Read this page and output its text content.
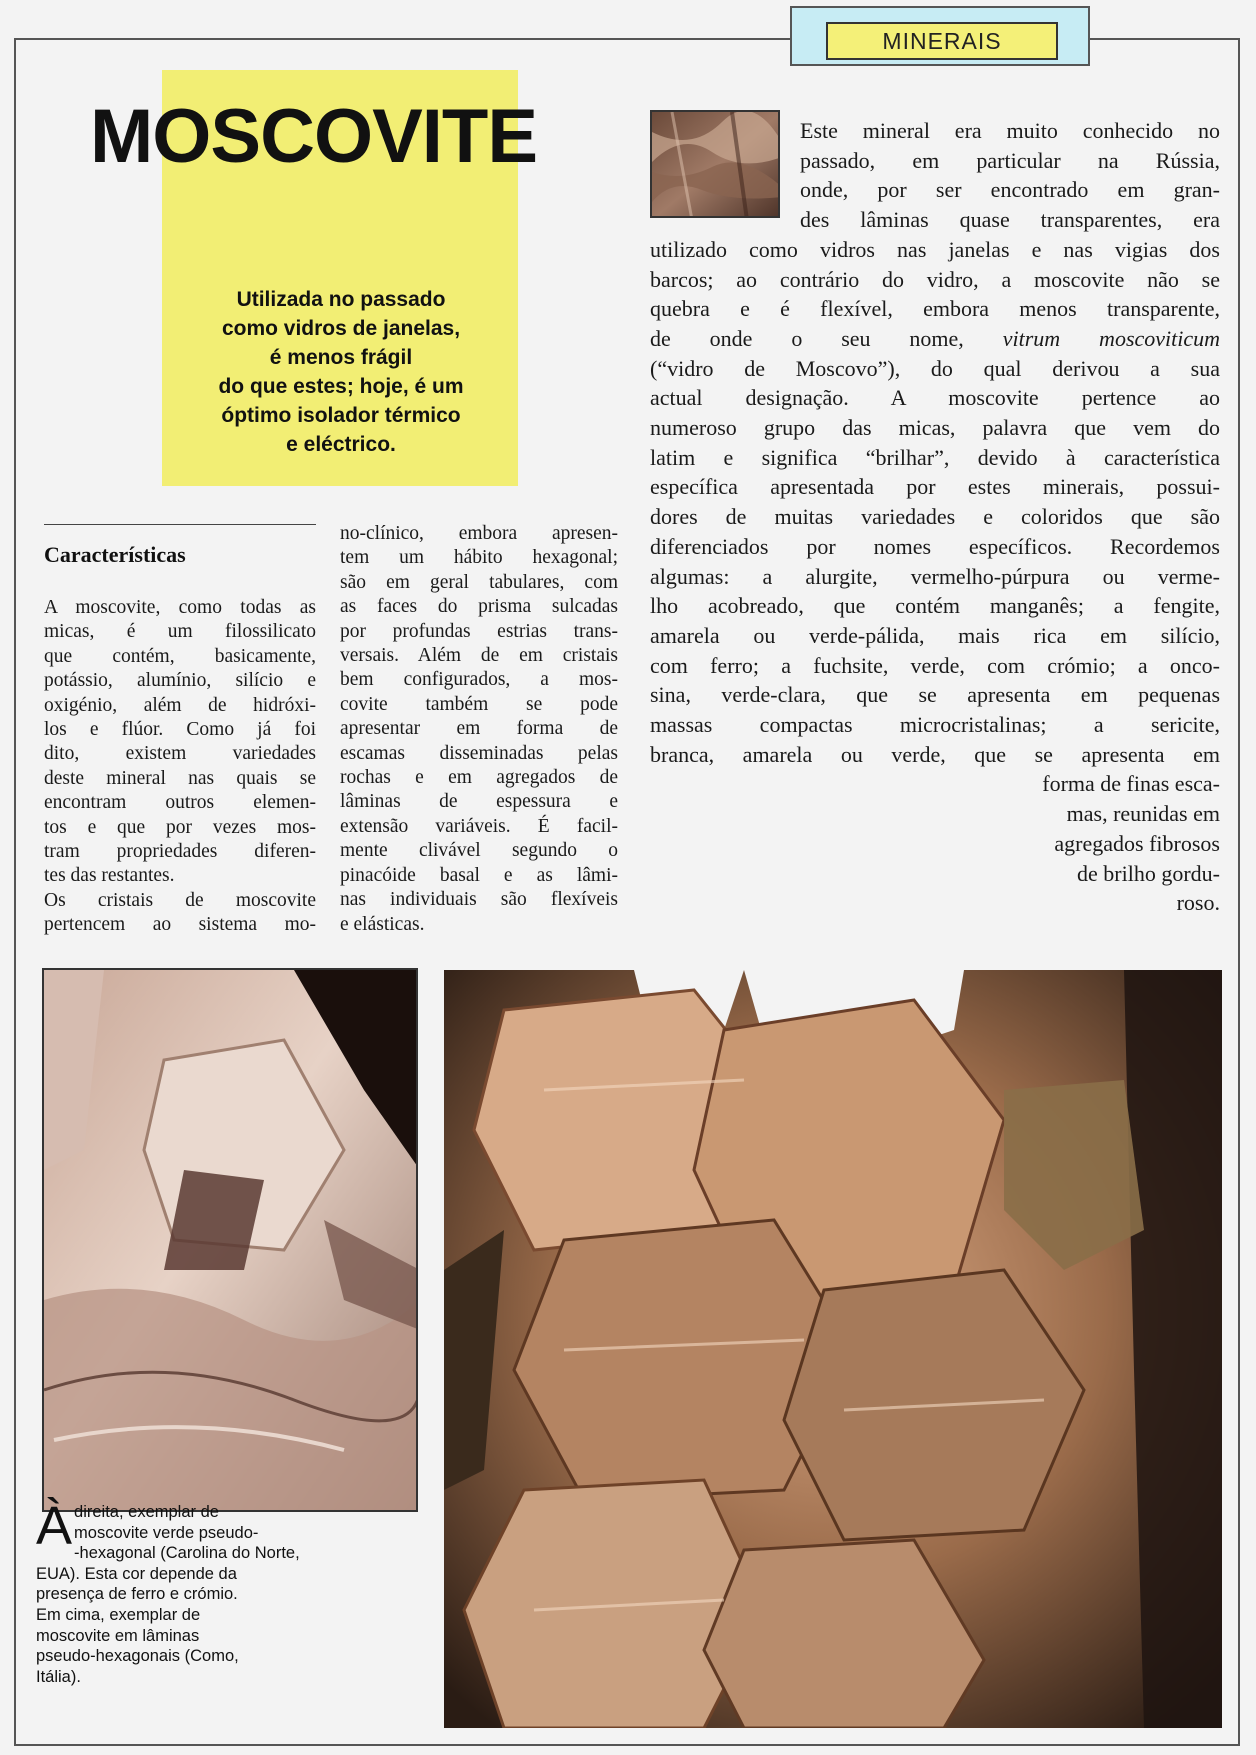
MINERAIS
MOSCOVITE
Utilizada no passado
como vidros de janelas,
é menos frágil
do que estes; hoje, é um
óptimo isolador térmico
e eléctrico.
Características
A moscovite, como todas as
micas, é um filossilicato
que contém, basicamente,
potássio, alumínio, silício e
oxigénio, além de hidróxi-
los e flúor. Como já foi
dito, existem variedades
deste mineral nas quais se
encontram outros elemen-
tos e que por vezes mos-
tram propriedades diferen-
tes das restantes.
Os cristais de moscovite
pertencem ao sistema mo-
no-clínico, embora apresen-
tem um hábito hexagonal;
são em geral tabulares, com
as faces do prisma sulcadas
por profundas estrias trans-
versais. Além de em cristais
bem configurados, a mos-
covite também se pode
apresentar em forma de
escamas disseminadas pelas
rochas e em agregados de
lâminas de espessura e
extensão variáveis. É facil-
mente clivável segundo o
pinacóide basal e as lâmi-
nas individuais são flexíveis
e elásticas.
Este mineral era muito conhecido no
passado, em particular na Rússia,
onde, por ser encontrado em gran-
des lâminas quase transparentes, era
utilizado como vidros nas janelas e nas vigias dos
barcos; ao contrário do vidro, a moscovite não se
quebra e é flexível, embora menos transparente,
de onde o seu nome, vitrum moscoviticum
(“vidro de Moscovo”), do qual derivou a sua
actual designação. A moscovite pertence ao
numeroso grupo das micas, palavra que vem do
latim e significa “brilhar”, devido à característica
específica apresentada por estes minerais, possui-
dores de muitas variedades e coloridos que são
diferenciados por nomes específicos. Recordemos
algumas: a alurgite, vermelho-púrpura ou verme-
lho acobreado, que contém manganês; a fengite,
amarela ou verde-pálida, mais rica em silício,
com ferro; a fuchsite, verde, com crómio; a onco-
sina, verde-clara, que se apresenta em pequenas
massas compactas microcristalinas; a sericite,
branca, amarela ou verde, que se apresenta em
forma de finas esca-
mas, reunidas em
agregados fibrosos
de brilho gordu-
roso.
À direita, exemplar de
moscovite verde pseudo-
-hexagonal (Carolina do Norte,
EUA). Esta cor depende da
presença de ferro e crómio.
Em cima, exemplar de
moscovite em lâminas
pseudo-hexagonais (Como,
Itália).
